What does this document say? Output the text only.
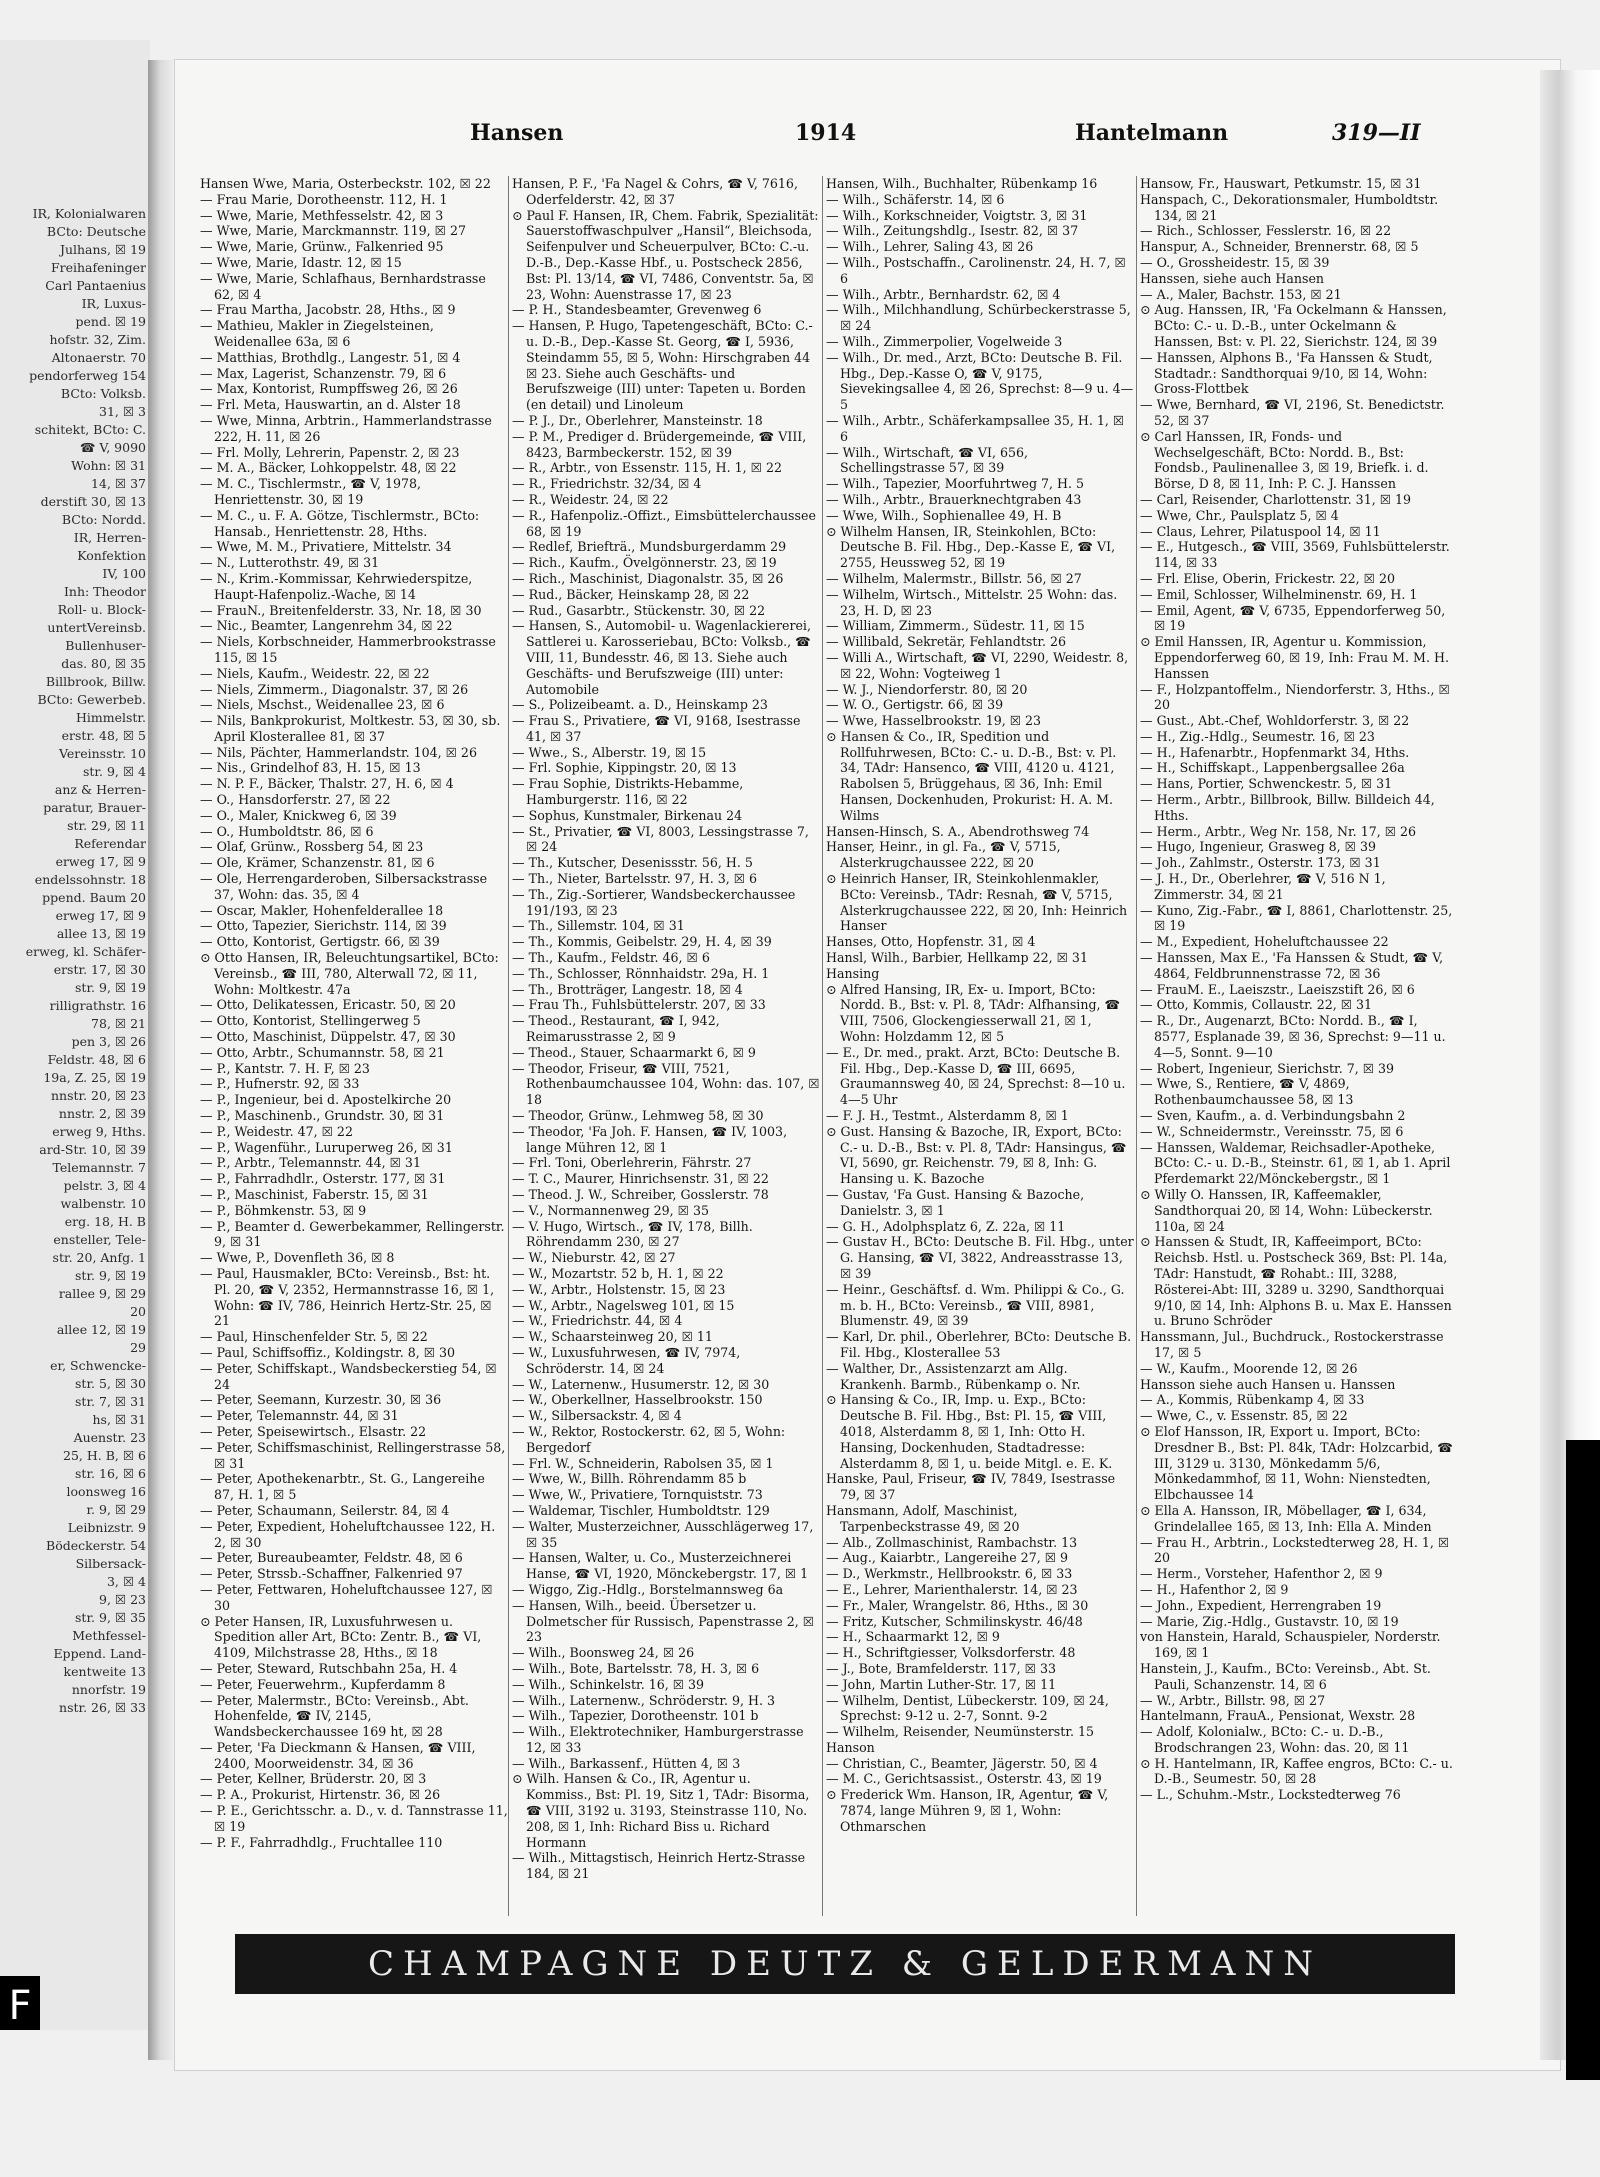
IR, Kolonialwaren
BCto: Deutsche
Julhans, ☒ 19
Freihafeninger
Carl Pantaenius
IR, Luxus-
pend. ☒ 19
hofstr. 32, Zim.
Altonaerstr. 70
pendorferweg 154
BCto: Volksb.
31, ☒ 3
schitekt, BCto: C.
☎ V, 9090
Wohn: ☒ 31
14, ☒ 37
derstift 30, ☒ 13
BCto: Nordd.
IR, Herren-
Konfektion
IV, 100
Inh: Theodor
Roll- u. Block-
untertVereinsb.
Bullenhuser-
das. 80, ☒ 35
Billbrook, Billw.
BCto: Gewerbeb.
Himmelstr.
erstr. 48, ☒ 5
Vereinsstr. 10
str. 9, ☒ 4
anz & Herren-
paratur, Brauer-
str. 29, ☒ 11
Referendar
erweg 17, ☒ 9
endelssohnstr. 18
ppend. Baum 20
erweg 17, ☒ 9
allee 13, ☒ 19
erweg, kl. Schäfer-
erstr. 17, ☒ 30
str. 9, ☒ 19
rilligrathstr. 16
78, ☒ 21
pen 3, ☒ 26
Feldstr. 48, ☒ 6
19a, Z. 25, ☒ 19
nnstr. 20, ☒ 23
nnstr. 2, ☒ 39
erweg 9, Hths.
ard-Str. 10, ☒ 39
Telemannstr. 7
pelstr. 3, ☒ 4
walbenstr. 10
erg. 18, H. B
ensteller, Tele-
str. 20, Anfg. 1
str. 9, ☒ 19
rallee 9, ☒ 29
20
allee 12, ☒ 19
29
er, Schwencke-
str. 5, ☒ 30
str. 7, ☒ 31
hs, ☒ 31
Auenstr. 23
25, H. B, ☒ 6
str. 16, ☒ 6
loonsweg 16
r. 9, ☒ 29
Leibnizstr. 9
Bödeckerstr. 54
Silbersack-
3, ☒ 4
9, ☒ 23
str. 9, ☒ 35
Methfessel-
Eppend. Land-
kentweite 13
nnorfstr. 19
nstr. 26, ☒ 33
F
Hansen	1914	Hantelmann	319—II

Hansen Wwe, Maria, Osterbeckstr. 102, ☒ 22

— Frau Marie, Dorotheenstr. 112, H. 1

— Wwe, Marie, Methfesselstr. 42, ☒ 3

— Wwe, Marie, Marckmannstr. 119, ☒ 27

— Wwe, Marie, Grünw., Falkenried 95

— Wwe, Marie, Idastr. 12, ☒ 15

— Wwe, Marie, Schlafhaus, Bernhardstrasse 62, ☒ 4

— Frau Martha, Jacobstr. 28, Hths., ☒ 9

— Mathieu, Makler in Ziegelsteinen, Weidenallee 63a, ☒ 6

— Matthias, Brothdlg., Langestr. 51, ☒ 4

— Max, Lagerist, Schanzenstr. 79, ☒ 6

— Max, Kontorist, Rumpffsweg 26, ☒ 26

— Frl. Meta, Hauswartin, an d. Alster 18

— Wwe, Minna, Arbtrin., Hammerlandstrasse 222, H. 11, ☒ 26

— Frl. Molly, Lehrerin, Papenstr. 2, ☒ 23

— M. A., Bäcker, Lohkoppelstr. 48, ☒ 22

— M. C., Tischlermstr., ☎ V, 1978, Henriettenstr. 30, ☒ 19

— M. C., u. F. A. Götze, Tischlermstr., BCto: Hansab., Henriettenstr. 28, Hths.

— Wwe, M. M., Privatiere, Mittelstr. 34

— N., Lutterothstr. 49, ☒ 31

— N., Krim.-Kommissar, Kehrwiederspitze, Haupt-Hafenpoliz.-Wache, ☒ 14

— FrauN., Breitenfelderstr. 33, Nr. 18, ☒ 30

— Nic., Beamter, Langenrehm 34, ☒ 22

— Niels, Korbschneider, Hammerbrookstrasse 115, ☒ 15

— Niels, Kaufm., Weidestr. 22, ☒ 22

— Niels, Zimmerm., Diagonalstr. 37, ☒ 26

— Niels, Mschst., Weidenallee 23, ☒ 6

— Nils, Bankprokurist, Moltkestr. 53, ☒ 30, sb. April Klosterallee 81, ☒ 37

— Nils, Pächter, Hammerlandstr. 104, ☒ 26

— Nis., Grindelhof 83, H. 15, ☒ 13

— N. P. F., Bäcker, Thalstr. 27, H. 6, ☒ 4

— O., Hansdorferstr. 27, ☒ 22

— O., Maler, Knickweg 6, ☒ 39

— O., Humboldtstr. 86, ☒ 6

— Olaf, Grünw., Rossberg 54, ☒ 23

— Ole, Krämer, Schanzenstr. 81, ☒ 6

— Ole, Herrengarderoben, Silbersackstrasse 37, Wohn: das. 35, ☒ 4

— Oscar, Makler, Hohenfelderallee 18

— Otto, Tapezier, Sierichstr. 114, ☒ 39

— Otto, Kontorist, Gertigstr. 66, ☒ 39

⊙ Otto Hansen, IR, Beleuchtungsartikel, BCto: Vereinsb., ☎ III, 780, Alterwall 72, ☒ 11, Wohn: Moltkestr. 47a

— Otto, Delikatessen, Ericastr. 50, ☒ 20

— Otto, Kontorist, Stellingerweg 5

— Otto, Maschinist, Düppelstr. 47, ☒ 30

— Otto, Arbtr., Schumannstr. 58, ☒ 21

— P., Kantstr. 7. H. F, ☒ 23

— P., Hufnerstr. 92, ☒ 33

— P., Ingenieur, bei d. Apostelkirche 20

— P., Maschinenb., Grundstr. 30, ☒ 31

— P., Weidestr. 47, ☒ 22

— P., Wagenführ., Luruperweg 26, ☒ 31

— P., Arbtr., Telemannstr. 44, ☒ 31

— P., Fahrradhdlr., Osterstr. 177, ☒ 31

— P., Maschinist, Faberstr. 15, ☒ 31

— P., Böhmkenstr. 53, ☒ 9

— P., Beamter d. Gewerbekammer, Rellingerstr. 9, ☒ 31

— Wwe, P., Dovenfleth 36, ☒ 8

— Paul, Hausmakler, BCto: Vereinsb., Bst: ht. Pl. 20, ☎ V, 2352, Hermannstrasse 16, ☒ 1, Wohn: ☎ IV, 786, Heinrich Hertz-Str. 25, ☒ 21

— Paul, Hinschenfelder Str. 5, ☒ 22

— Paul, Schiffsoffiz., Koldingstr. 8, ☒ 30

— Peter, Schiffskapt., Wandsbeckerstieg 54, ☒ 24

— Peter, Seemann, Kurzestr. 30, ☒ 36

— Peter, Telemannstr. 44, ☒ 31

— Peter, Speisewirtsch., Elsastr. 22

— Peter, Schiffsmaschinist, Rellingerstrasse 58, ☒ 31

— Peter, Apothekenarbtr., St. G., Langereihe 87, H. 1, ☒ 5

— Peter, Schaumann, Seilerstr. 84, ☒ 4

— Peter, Expedient, Hoheluftchaussee 122, H. 2, ☒ 30

— Peter, Bureaubeamter, Feldstr. 48, ☒ 6

— Peter, Strssb.-Schaffner, Falkenried 97

— Peter, Fettwaren, Hoheluftchaussee 127, ☒ 30

⊙ Peter Hansen, IR, Luxusfuhrwesen u. Spedition aller Art, BCto: Zentr. B., ☎ VI, 4109, Milchstrasse 28, Hths., ☒ 18

— Peter, Steward, Rutschbahn 25a, H. 4

— Peter, Feuerwehrm., Kupferdamm 8

— Peter, Malermstr., BCto: Vereinsb., Abt. Hohenfelde, ☎ IV, 2145, Wandsbeckerchaussee 169 ht, ☒ 28

— Peter, 'Fa Dieckmann & Hansen, ☎ VIII, 2400, Moorweidenstr. 34, ☒ 36

— Peter, Kellner, Brüderstr. 20, ☒ 3

— P. A., Prokurist, Hirtenstr. 36, ☒ 26

— P. E., Gerichtsschr. a. D., v. d. Tannstrasse 11, ☒ 19

— P. F., Fahrradhdlg., Fruchtallee 110

Hansen, P. F., 'Fa Nagel & Cohrs, ☎ V, 7616, Oderfelderstr. 42, ☒ 37

⊙ Paul F. Hansen, IR, Chem. Fabrik, Spezialität: Sauerstoffwaschpulver „Hansil“, Bleichsoda, Seifenpulver und Scheuerpulver, BCto: C.-u. D.-B., Dep.-Kasse Hbf., u. Postscheck 2856, Bst: Pl. 13/14, ☎ VI, 7486, Conventstr. 5a, ☒ 23, Wohn: Auenstrasse 17, ☒ 23

— P. H., Standesbeamter, Grevenweg 6

— Hansen, P. Hugo, Tapetengeschäft, BCto: C.- u. D.-B., Dep.-Kasse St. Georg, ☎ I, 5936, Steindamm 55, ☒ 5, Wohn: Hirschgraben 44 ☒ 23. Siehe auch Geschäfts- und Berufszweige (III) unter: Tapeten u. Borden (en detail) und Linoleum

— P. J., Dr., Oberlehrer, Mansteinstr. 18

— P. M., Prediger d. Brüdergemeinde, ☎ VIII, 8423, Barmbeckerstr. 152, ☒ 39

— R., Arbtr., von Essenstr. 115, H. 1, ☒ 22

— R., Friedrichstr. 32/34, ☒ 4

— R., Weidestr. 24, ☒ 22

— R., Hafenpoliz.-Offizt., Eimsbüttelerchaussee 68, ☒ 19

— Redlef, Briefträ., Mundsburgerdamm 29

— Rich., Kaufm., Övelgönnerstr. 23, ☒ 19

— Rich., Maschinist, Diagonalstr. 35, ☒ 26

— Rud., Bäcker, Heinskamp 28, ☒ 22

— Rud., Gasarbtr., Stückenstr. 30, ☒ 22

— Hansen, S., Automobil- u. Wagenlackiererei, Sattlerei u. Karosseriebau, BCto: Volksb., ☎ VIII, 11, Bundesstr. 46, ☒ 13. Siehe auch Geschäfts- und Berufszweige (III) unter: Automobile

— S., Polizeibeamt. a. D., Heinskamp 23

— Frau S., Privatiere, ☎ VI, 9168, Isestrasse 41, ☒ 37

— Wwe., S., Alberstr. 19, ☒ 15

— Frl. Sophie, Kippingstr. 20, ☒ 13

— Frau Sophie, Distrikts-Hebamme, Hamburgerstr. 116, ☒ 22

— Sophus, Kunstmaler, Birkenau 24

— St., Privatier, ☎ VI, 8003, Lessingstrasse 7, ☒ 24

— Th., Kutscher, Desenissstr. 56, H. 5

— Th., Nieter, Bartelsstr. 97, H. 3, ☒ 6

— Th., Zig.-Sortierer, Wandsbeckerchaussee 191/193, ☒ 23

— Th., Sillemstr. 104, ☒ 31

— Th., Kommis, Geibelstr. 29, H. 4, ☒ 39

— Th., Kaufm., Feldstr. 46, ☒ 6

— Th., Schlosser, Rönnhaidstr. 29a, H. 1

— Th., Brotträger, Langestr. 18, ☒ 4

— Frau Th., Fuhlsbüttelerstr. 207, ☒ 33

— Theod., Restaurant, ☎ I, 942, Reimarusstrasse 2, ☒ 9

— Theod., Stauer, Schaarmarkt 6, ☒ 9

— Theodor, Friseur, ☎ VIII, 7521, Rothenbaumchaussee 104, Wohn: das. 107, ☒ 18

— Theodor, Grünw., Lehmweg 58, ☒ 30

— Theodor, 'Fa Joh. F. Hansen, ☎ IV, 1003, lange Mühren 12, ☒ 1

— Frl. Toni, Oberlehrerin, Fährstr. 27

— T. C., Maurer, Hinrichsenstr. 31, ☒ 22

— Theod. J. W., Schreiber, Gosslerstr. 78

— V., Normannenweg 29, ☒ 35

— V. Hugo, Wirtsch., ☎ IV, 178, Billh. Röhrendamm 230, ☒ 27

— W., Nieburstr. 42, ☒ 27

— W., Mozartstr. 52 b, H. 1, ☒ 22

— W., Arbtr., Holstenstr. 15, ☒ 23

— W., Arbtr., Nagelsweg 101, ☒ 15

— W., Friedrichstr. 44, ☒ 4

— W., Schaarsteinweg 20, ☒ 11

— W., Luxusfuhrwesen, ☎ IV, 7974, Schröderstr. 14, ☒ 24

— W., Laternenw., Husumerstr. 12, ☒ 30

— W., Oberkellner, Hasselbrookstr. 150

— W., Silbersackstr. 4, ☒ 4

— W., Rektor, Rostockerstr. 62, ☒ 5, Wohn: Bergedorf

— Frl. W., Schneiderin, Rabolsen 35, ☒ 1

— Wwe, W., Billh. Röhrendamm 85 b

— Wwe, W., Privatiere, Tornquiststr. 73

— Waldemar, Tischler, Humboldtstr. 129

— Walter, Musterzeichner, Ausschlägerweg 17, ☒ 35

— Hansen, Walter, u. Co., Musterzeichnerei Hanse, ☎ VI, 1920, Mönckebergstr. 17, ☒ 1

— Wiggo, Zig.-Hdlg., Borstelmannsweg 6a

— Hansen, Wilh., beeid. Übersetzer u. Dolmetscher für Russisch, Papenstrasse 2, ☒ 23

— Wilh., Boonsweg 24, ☒ 26

— Wilh., Bote, Bartelsstr. 78, H. 3, ☒ 6

— Wilh., Schinkelstr. 16, ☒ 39

— Wilh., Laternenw., Schröderstr. 9, H. 3

— Wilh., Tapezier, Dorotheenstr. 101 b

— Wilh., Elektrotechniker, Hamburgerstrasse 12, ☒ 33

— Wilh., Barkassenf., Hütten 4, ☒ 3

⊙ Wilh. Hansen & Co., IR, Agentur u. Kommiss., Bst: Pl. 19, Sitz 1, TAdr: Bisorma, ☎ VIII, 3192 u. 3193, Steinstrasse 110, No. 208, ☒ 1, Inh: Richard Biss u. Richard Hormann

— Wilh., Mittagstisch, Heinrich Hertz-Strasse 184, ☒ 21

Hansen, Wilh., Buchhalter, Rübenkamp 16

— Wilh., Schäferstr. 14, ☒ 6

— Wilh., Korkschneider, Voigtstr. 3, ☒ 31

— Wilh., Zeitungshdlg., Isestr. 82, ☒ 37

— Wilh., Lehrer, Saling 43, ☒ 26

— Wilh., Postschaffn., Carolinenstr. 24, H. 7, ☒ 6

— Wilh., Arbtr., Bernhardstr. 62, ☒ 4

— Wilh., Milchhandlung, Schürbeckerstrasse 5, ☒ 24

— Wilh., Zimmerpolier, Vogelweide 3

— Wilh., Dr. med., Arzt, BCto: Deutsche B. Fil. Hbg., Dep.-Kasse O, ☎ V, 9175, Sievekingsallee 4, ☒ 26, Sprechst: 8—9 u. 4—5

— Wilh., Arbtr., Schäferkampsallee 35, H. 1, ☒ 6

— Wilh., Wirtschaft, ☎ VI, 656, Schellingstrasse 57, ☒ 39

— Wilh., Tapezier, Moorfuhrtweg 7, H. 5

— Wilh., Arbtr., Brauerknechtgraben 43

— Wwe, Wilh., Sophienallee 49, H. B

⊙ Wilhelm Hansen, IR, Steinkohlen, BCto: Deutsche B. Fil. Hbg., Dep.-Kasse E, ☎ VI, 2755, Heussweg 52, ☒ 19

— Wilhelm, Malermstr., Billstr. 56, ☒ 27

— Wilhelm, Wirtsch., Mittelstr. 25 Wohn: das. 23, H. D, ☒ 23

— William, Zimmerm., Südestr. 11, ☒ 15

— Willibald, Sekretär, Fehlandtstr. 26

— Willi A., Wirtschaft, ☎ VI, 2290, Weidestr. 8, ☒ 22, Wohn: Vogteiweg 1

— W. J., Niendorferstr. 80, ☒ 20

— W. O., Gertigstr. 66, ☒ 39

— Wwe, Hasselbrookstr. 19, ☒ 23

⊙ Hansen & Co., IR, Spedition und Rollfuhrwesen, BCto: C.- u. D.-B., Bst: v. Pl. 34, TAdr: Hansenco, ☎ VIII, 4120 u. 4121, Rabolsen 5, Brüggehaus, ☒ 36, Inh: Emil Hansen, Dockenhuden, Prokurist: H. A. M. Wilms

Hansen-Hinsch, S. A., Abendrothsweg 74

Hanser, Heinr., in gl. Fa., ☎ V, 5715, Alsterkrugchaussee 222, ☒ 20

⊙ Heinrich Hanser, IR, Steinkohlenmakler, BCto: Vereinsb., TAdr: Resnah, ☎ V, 5715, Alsterkrugchaussee 222, ☒ 20, Inh: Heinrich Hanser

Hanses, Otto, Hopfenstr. 31, ☒ 4

Hansl, Wilh., Barbier, Hellkamp 22, ☒ 31

Hansing

⊙ Alfred Hansing, IR, Ex- u. Import, BCto: Nordd. B., Bst: v. Pl. 8, TAdr: Alfhansing, ☎ VIII, 7506, Glockengiesserwall 21, ☒ 1, Wohn: Holzdamm 12, ☒ 5

— E., Dr. med., prakt. Arzt, BCto: Deutsche B. Fil. Hbg., Dep.-Kasse D, ☎ III, 6695, Graumannsweg 40, ☒ 24, Sprechst: 8—10 u. 4—5 Uhr

— F. J. H., Testmt., Alsterdamm 8, ☒ 1

⊙ Gust. Hansing & Bazoche, IR, Export, BCto: C.- u. D.-B., Bst: v. Pl. 8, TAdr: Hansingus, ☎ VI, 5690, gr. Reichenstr. 79, ☒ 8, Inh: G. Hansing u. K. Bazoche

— Gustav, 'Fa Gust. Hansing & Bazoche, Danielstr. 3, ☒ 1

— G. H., Adolphsplatz 6, Z. 22a, ☒ 11

— Gustav H., BCto: Deutsche B. Fil. Hbg., unter G. Hansing, ☎ VI, 3822, Andreasstrasse 13, ☒ 39

— Heinr., Geschäftsf. d. Wm. Philippi & Co., G. m. b. H., BCto: Vereinsb., ☎ VIII, 8981, Blumenstr. 49, ☒ 39

— Karl, Dr. phil., Oberlehrer, BCto: Deutsche B. Fil. Hbg., Klosterallee 53

— Walther, Dr., Assistenzarzt am Allg. Krankenh. Barmb., Rübenkamp o. Nr.

⊙ Hansing & Co., IR, Imp. u. Exp., BCto: Deutsche B. Fil. Hbg., Bst: Pl. 15, ☎ VIII, 4018, Alsterdamm 8, ☒ 1, Inh: Otto H. Hansing, Dockenhuden, Stadtadresse: Alsterdamm 8, ☒ 1, u. beide Mitgl. e. E. K.

Hanske, Paul, Friseur, ☎ IV, 7849, Isestrasse 79, ☒ 37

Hansmann, Adolf, Maschinist, Tarpenbeckstrasse 49, ☒ 20

— Alb., Zollmaschinist, Rambachstr. 13

— Aug., Kaiarbtr., Langereihe 27, ☒ 9

— D., Werkmstr., Hellbrookstr. 6, ☒ 33

— E., Lehrer, Marienthalerstr. 14, ☒ 23

— Fr., Maler, Wrangelstr. 86, Hths., ☒ 30

— Fritz, Kutscher, Schmilinskystr. 46/48

— H., Schaarmarkt 12, ☒ 9

— H., Schriftgiesser, Volksdorferstr. 48

— J., Bote, Bramfelderstr. 117, ☒ 33

— John, Martin Luther-Str. 17, ☒ 11

— Wilhelm, Dentist, Lübeckerstr. 109, ☒ 24, Sprechst: 9-12 u. 2-7, Sonnt. 9-2

— Wilhelm, Reisender, Neumünsterstr. 15

Hanson

— Christian, C., Beamter, Jägerstr. 50, ☒ 4

— M. C., Gerichtsassist., Osterstr. 43, ☒ 19

⊙ Frederick Wm. Hanson, IR, Agentur, ☎ V, 7874, lange Mühren 9, ☒ 1, Wohn: Othmarschen

Hansow, Fr., Hauswart, Petkumstr. 15, ☒ 31

Hanspach, C., Dekorationsmaler, Humboldtstr. 134, ☒ 21

— Rich., Schlosser, Fesslerstr. 16, ☒ 22

Hanspur, A., Schneider, Brennerstr. 68, ☒ 5

— O., Grossheidestr. 15, ☒ 39

Hanssen, siehe auch Hansen

— A., Maler, Bachstr. 153, ☒ 21

⊙ Aug. Hanssen, IR, 'Fa Ockelmann & Hanssen, BCto: C.- u. D.-B., unter Ockelmann & Hanssen, Bst: v. Pl. 22, Sierichstr. 124, ☒ 39

— Hanssen, Alphons B., 'Fa Hanssen & Studt, Stadtadr.: Sandthorquai 9/10, ☒ 14, Wohn: Gross-Flottbek

— Wwe, Bernhard, ☎ VI, 2196, St. Benedictstr. 52, ☒ 37

⊙ Carl Hanssen, IR, Fonds- und Wechselgeschäft, BCto: Nordd. B., Bst: Fondsb., Paulinenallee 3, ☒ 19, Briefk. i. d. Börse, D 8, ☒ 11, Inh: P. C. J. Hanssen

— Carl, Reisender, Charlottenstr. 31, ☒ 19

— Wwe, Chr., Paulsplatz 5, ☒ 4

— Claus, Lehrer, Pilatuspool 14, ☒ 11

— E., Hutgesch., ☎ VIII, 3569, Fuhlsbüttelerstr. 114, ☒ 33

— Frl. Elise, Oberin, Frickestr. 22, ☒ 20

— Emil, Schlosser, Wilhelminenstr. 69, H. 1

— Emil, Agent, ☎ V, 6735, Eppendorferweg 50, ☒ 19

⊙ Emil Hanssen, IR, Agentur u. Kommission, Eppendorferweg 60, ☒ 19, Inh: Frau M. M. H. Hanssen

— F., Holzpantoffelm., Niendorferstr. 3, Hths., ☒ 20

— Gust., Abt.-Chef, Wohldorferstr. 3, ☒ 22

— H., Zig.-Hdlg., Seumestr. 16, ☒ 23

— H., Hafenarbtr., Hopfenmarkt 34, Hths.

— H., Schiffskapt., Lappenbergsallee 26a

— Hans, Portier, Schwenckestr. 5, ☒ 31

— Herm., Arbtr., Billbrook, Billw. Billdeich 44, Hths.

— Herm., Arbtr., Weg Nr. 158, Nr. 17, ☒ 26

— Hugo, Ingenieur, Grasweg 8, ☒ 39

— Joh., Zahlmstr., Osterstr. 173, ☒ 31

— J. H., Dr., Oberlehrer, ☎ V, 516 N 1, Zimmerstr. 34, ☒ 21

— Kuno, Zig.-Fabr., ☎ I, 8861, Charlottenstr. 25, ☒ 19

— M., Expedient, Hoheluftchaussee 22

— Hanssen, Max E., 'Fa Hanssen & Studt, ☎ V, 4864, Feldbrunnenstrasse 72, ☒ 36

— FrauM. E., Laeiszstr., Laeiszstift 26, ☒ 6

— Otto, Kommis, Collaustr. 22, ☒ 31

— R., Dr., Augenarzt, BCto: Nordd. B., ☎ I, 8577, Esplanade 39, ☒ 36, Sprechst: 9—11 u. 4—5, Sonnt. 9—10

— Robert, Ingenieur, Sierichstr. 7, ☒ 39

— Wwe, S., Rentiere, ☎ V, 4869, Rothenbaumchaussee 58, ☒ 13

— Sven, Kaufm., a. d. Verbindungsbahn 2

— W., Schneidermstr., Vereinsstr. 75, ☒ 6

— Hanssen, Waldemar, Reichsadler-Apotheke, BCto: C.- u. D.-B., Steinstr. 61, ☒ 1, ab 1. April Pferdemarkt 22/Mönckebergstr., ☒ 1

⊙ Willy O. Hanssen, IR, Kaffeemakler, Sandthorquai 20, ☒ 14, Wohn: Lübeckerstr. 110a, ☒ 24

⊙ Hanssen & Studt, IR, Kaffeeimport, BCto: Reichsb. Hstl. u. Postscheck 369, Bst: Pl. 14a, TAdr: Hanstudt, ☎ Rohabt.: III, 3288, Rösterei-Abt: III, 3289 u. 3290, Sandthorquai 9/10, ☒ 14, Inh: Alphons B. u. Max E. Hanssen u. Bruno Schröder

Hanssmann, Jul., Buchdruck., Rostockerstrasse 17, ☒ 5

— W., Kaufm., Moorende 12, ☒ 26

Hansson siehe auch Hansen u. Hanssen

— A., Kommis, Rübenkamp 4, ☒ 33

— Wwe, C., v. Essenstr. 85, ☒ 22

⊙ Elof Hansson, IR, Export u. Import, BCto: Dresdner B., Bst: Pl. 84k, TAdr: Holzcarbid, ☎ III, 3129 u. 3130, Mönkedamm 5/6, Mönkedammhof, ☒ 11, Wohn: Nienstedten, Elbchaussee 14

⊙ Ella A. Hansson, IR, Möbellager, ☎ I, 634, Grindelallee 165, ☒ 13, Inh: Ella A. Minden

— Frau H., Arbtrin., Lockstedterweg 28, H. 1, ☒ 20

— Herm., Vorsteher, Hafenthor 2, ☒ 9

— H., Hafenthor 2, ☒ 9

— John., Expedient, Herrengraben 19

— Marie, Zig.-Hdlg., Gustavstr. 10, ☒ 19

von Hanstein, Harald, Schauspieler, Norderstr. 169, ☒ 1

Hanstein, J., Kaufm., BCto: Vereinsb., Abt. St. Pauli, Schanzenstr. 14, ☒ 6

— W., Arbtr., Billstr. 98, ☒ 27

Hantelmann, FrauA., Pensionat, Wexstr. 28

— Adolf, Kolonialw., BCto: C.- u. D.-B., Brodschrangen 23, Wohn: das. 20, ☒ 11

⊙ H. Hantelmann, IR, Kaffee engros, BCto: C.- u. D.-B., Seumestr. 50, ☒ 28

— L., Schuhm.-Mstr., Lockstedterweg 76

CHAMPAGNE DEUTZ & GELDERMANN
